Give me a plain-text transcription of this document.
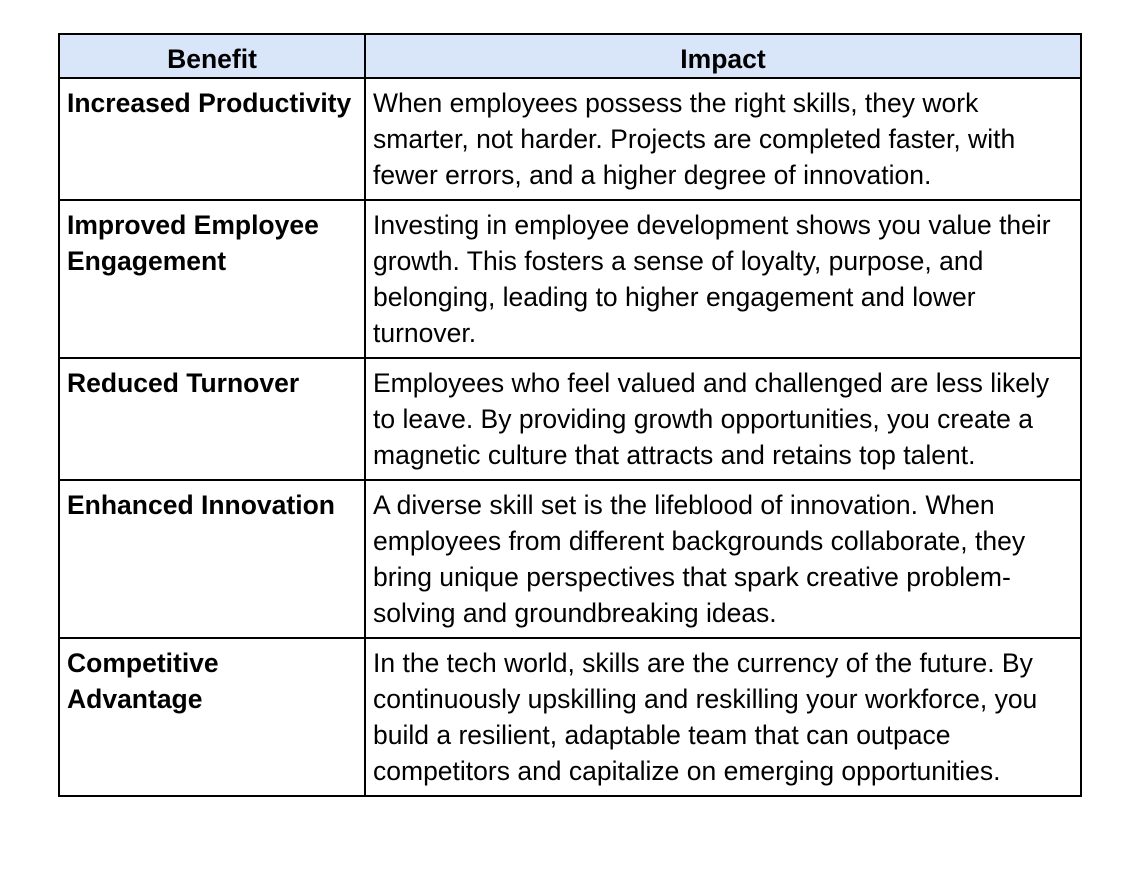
Benefit	Impact
Increased Productivity	When employees possess the right skills, they work smarter, not harder. Projects are completed faster, with fewer errors, and a higher degree of innovation.
Improved Employee Engagement	Investing in employee development shows you value their growth. This fosters a sense of loyalty, purpose, and belonging, leading to higher engagement and lower turnover.
Reduced Turnover	Employees who feel valued and challenged are less likely to leave. By providing growth opportunities, you create a magnetic culture that attracts and retains top talent.
Enhanced Innovation	A diverse skill set is the lifeblood of innovation. When employees from different backgrounds collaborate, they bring unique perspectives that spark creative problem-solving and groundbreaking ideas.
Competitive Advantage	In the tech world, skills are the currency of the future. By continuously upskilling and reskilling your workforce, you build a resilient, adaptable team that can outpace competitors and capitalize on emerging opportunities.
